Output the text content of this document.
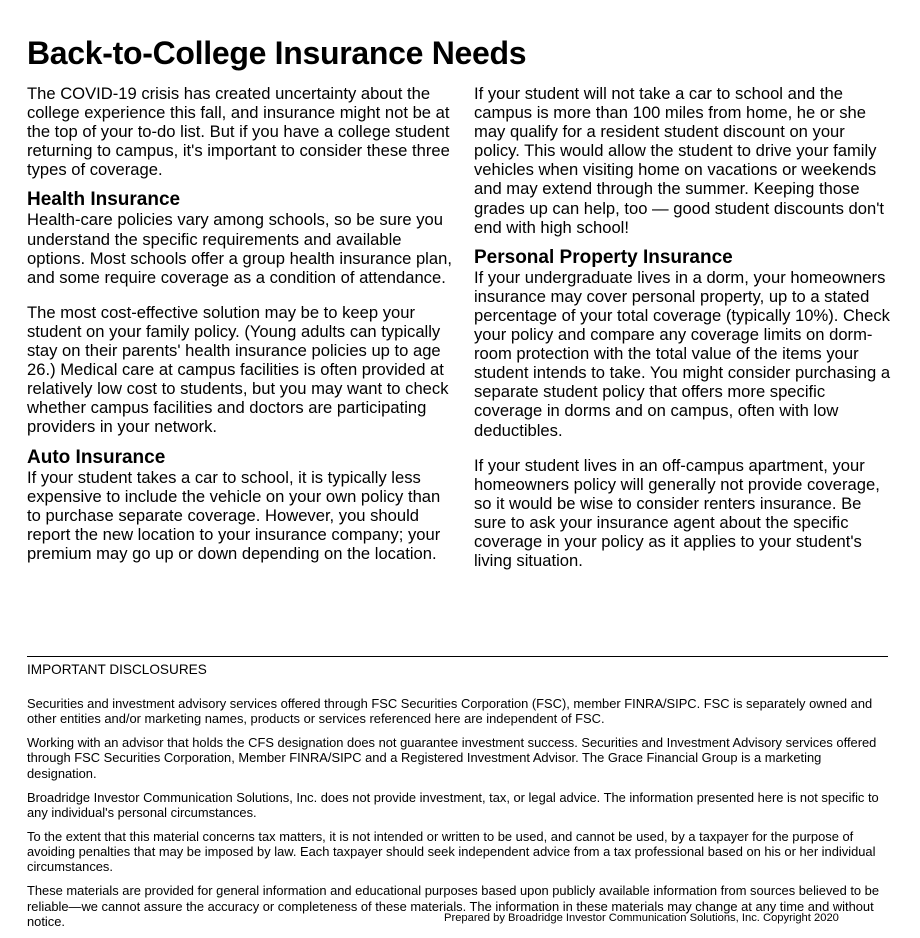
Back-to-College Insurance Needs

The COVID-19 crisis has created uncertainty about the college experience this fall, and insurance might not be at the top of your to-do list. But if you have a college student returning to campus, it's important to consider these three types of coverage.

Health Insurance

Health-care policies vary among schools, so be sure you understand the specific requirements and available options. Most schools offer a group health insurance plan, and some require coverage as a condition of attendance.

The most cost-effective solution may be to keep your student on your family policy. (Young adults can typically stay on their parents' health insurance policies up to age 26.) Medical care at campus facilities is often provided at relatively low cost to students, but you may want to check whether campus facilities and doctors are participating providers in your network.

Auto Insurance

If your student takes a car to school, it is typically less expensive to include the vehicle on your own policy than to purchase separate coverage. However, you should report the new location to your insurance company; your premium may go up or down depending on the location.

If your student will not take a car to school and the campus is more than 100 miles from home, he or she may qualify for a resident student discount on your policy. This would allow the student to drive your family vehicles when visiting home on vacations or weekends and may extend through the summer. Keeping those grades up can help, too — good student discounts don't end with high school!

Personal Property Insurance

If your undergraduate lives in a dorm, your homeowners insurance may cover personal property, up to a stated percentage of your total coverage (typically 10%). Check your policy and compare any coverage limits on dorm-room protection with the total value of the items your student intends to take. You might consider purchasing a separate student policy that offers more specific coverage in dorms and on campus, often with low deductibles.

If your student lives in an off-campus apartment, your homeowners policy will generally not provide coverage, so it would be wise to consider renters insurance. Be sure to ask your insurance agent about the specific coverage in your policy as it applies to your student's living situation.

IMPORTANT DISCLOSURES

Securities and investment advisory services offered through FSC Securities Corporation (FSC), member FINRA/SIPC. FSC is separately owned and other entities and/or marketing names, products or services referenced here are independent of FSC.

Working with an advisor that holds the CFS designation does not guarantee investment success. Securities and Investment Advisory services offered through FSC Securities Corporation, Member FINRA/SIPC and a Registered Investment Advisor. The Grace Financial Group is a marketing designation.

Broadridge Investor Communication Solutions, Inc. does not provide investment, tax, or legal advice. The information presented here is not specific to any individual's personal circumstances.

To the extent that this material concerns tax matters, it is not intended or written to be used, and cannot be used, by a taxpayer for the purpose of avoiding penalties that may be imposed by law. Each taxpayer should seek independent advice from a tax professional based on his or her individual circumstances.

These materials are provided for general information and educational purposes based upon publicly available information from sources believed to be reliable—we cannot assure the accuracy or completeness of these materials. The information in these materials may change at any time and without notice.	Prepared by Broadridge Investor Communication Solutions, Inc. Copyright 2020
